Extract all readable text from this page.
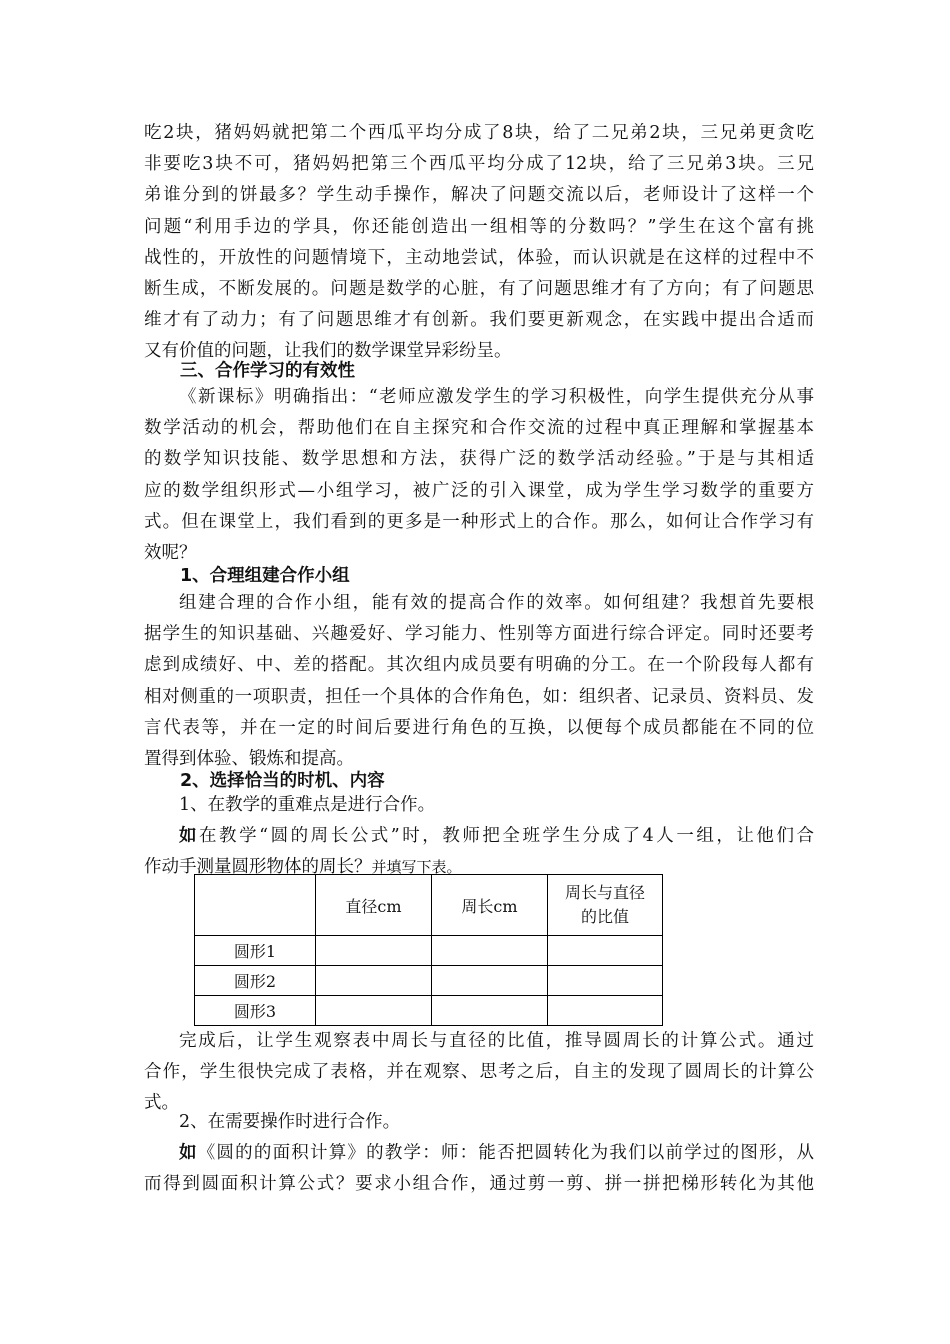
吃2块，猪妈妈就把第二个西瓜平均分成了8块，给了二兄弟2块，三兄弟更贪吃
非要吃3块不可，猪妈妈把第三个西瓜平均分成了12块，给了三兄弟3块。三兄
弟谁分到的饼最多？学生动手操作，解决了问题交流以后，老师设计了这样一个
问题“利用手边的学具，你还能创造出一组相等的分数吗？”学生在这个富有挑
战性的，开放性的问题情境下，主动地尝试，体验，而认识就是在这样的过程中不
断生成，不断发展的。问题是数学的心脏，有了问题思维才有了方向；有了问题思
维才有了动力；有了问题思维才有创新。我们要更新观念，在实践中提出合适而
又有价值的问题，让我们的数学课堂异彩纷呈。

三、合作学习的有效性

《新课标》明确指出：“老师应激发学生的学习积极性，向学生提供充分从事
数学活动的机会，帮助他们在自主探究和合作交流的过程中真正理解和掌握基本
的数学知识技能、数学思想和方法，获得广泛的数学活动经验。”于是与其相适
应的数学组织形式—小组学习，被广泛的引入课堂，成为学生学习数学的重要方
式。但在课堂上，我们看到的更多是一种形式上的合作。那么，如何让合作学习有
效呢？

1、合理组建合作小组

组建合理的合作小组，能有效的提高合作的效率。如何组建？我想首先要根
据学生的知识基础、兴趣爱好、学习能力、性别等方面进行综合评定。同时还要考
虑到成绩好、中、差的搭配。其次组内成员要有明确的分工。在一个阶段每人都有
相对侧重的一项职责，担任一个具体的合作角色，如：组织者、记录员、资料员、发
言代表等，并在一定的时间后要进行角色的互换，以便每个成员都能在不同的位
置得到体验、锻炼和提高。

2、选择恰当的时机、内容

1、在教学的重难点是进行合作。
如在教学“圆的周长公式”时，教师把全班学生分成了4人一组，让他们合
作动手测量圆形物体的周长？并填写下表。
	直径cm	周长cm	周长与直径的比值

圆形1			
圆形2			
圆形3			
完成后，让学生观察表中周长与直径的比值，推导圆周长的计算公式。通过
合作，学生很快完成了表格，并在观察、思考之后，自主的发现了圆周长的计算公
式。
2、在需要操作时进行合作。
如《圆的的面积计算》的教学：师：能否把圆转化为我们以前学过的图形，从
而得到圆面积计算公式？要求小组合作，通过剪一剪、拼一拼把梯形转化为其他
